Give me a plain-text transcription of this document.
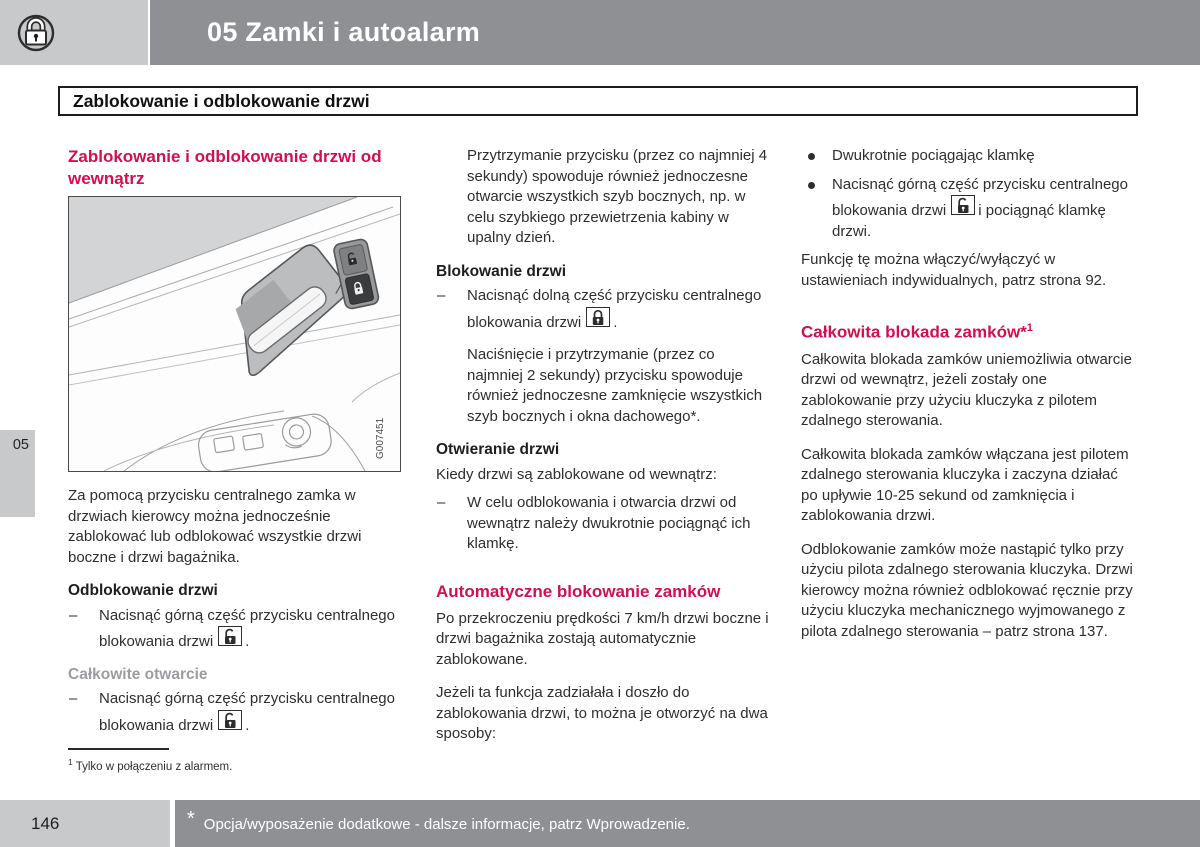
05 Zamki i autoalarm
Zablokowanie i odblokowanie drzwi
Zablokowanie i odblokowanie drzwi od wewnątrz
G007451

Za pomocą przycisku centralnego zamka w drzwiach kierowcy można jednocześnie zablokować lub odblokować wszystkie drzwi boczne i drzwi bagażnika.

Odblokowanie drzwi
– Nacisnąć górną część przycisku centralnego blokowania drzwi .
Całkowite otwarcie
– Nacisnąć górną część przycisku centralnego blokowania drzwi .

Przytrzymanie przycisku (przez co najmniej 4 sekundy) spowoduje również jednoczesne otwarcie wszystkich szyb bocznych, np. w celu szybkiego przewietrzenia kabiny w upalny dzień.

Blokowanie drzwi
– Nacisnąć dolną część przycisku centralnego blokowania drzwi .

Naciśnięcie i przytrzymanie (przez co najmniej 2 sekundy) przycisku spowoduje również jednoczesne zamknięcie wszystkich szyb bocznych i okna dachowego*.

Otwieranie drzwi

Kiedy drzwi są zablokowane od wewnątrz:

– W celu odblokowania i otwarcia drzwi od wewnątrz należy dwukrotnie pociągnąć ich klamkę.
Automatyczne blokowanie zamków

Po przekroczeniu prędkości 7 km/h drzwi boczne i drzwi bagażnika zostają automatycznie zablokowane.

Jeżeli ta funkcja zadziałała i doszło do zablokowania drzwi, to można je otworzyć na dwa sposoby:

Dwukrotnie pociągając klamkę
Nacisnąć górną część przycisku centralnego blokowania drzwi i pociągnąć klamkę drzwi.

Funkcję tę można włączyć/wyłączyć w ustawieniach indywidualnych, patrz strona 92.

Całkowita blokada zamków*$^1$

Całkowita blokada zamków uniemożliwia otwarcie drzwi od wewnątrz, jeżeli zostały one zablokowanie przy użyciu kluczyka z pilotem zdalnego sterowania.

Całkowita blokada zamków włączana jest pilotem zdalnego sterowania kluczyka i zaczyna działać po upływie 10-25 sekund od zamknięcia i zablokowania drzwi.

Odblokowanie zamków może nastąpić tylko przy użyciu pilota zdalnego sterowania kluczyka. Drzwi kierowcy można również odblokować ręcznie przy użyciu kluczyka mechanicznego wyjmowanego z pilota zdalnego sterowania – patrz strona 137.

05
$^1$ Tylko w połączeniu z alarmem.
146	* Opcja/wyposażenie dodatkowe - dalsze informacje, patrz Wprowadzenie.
